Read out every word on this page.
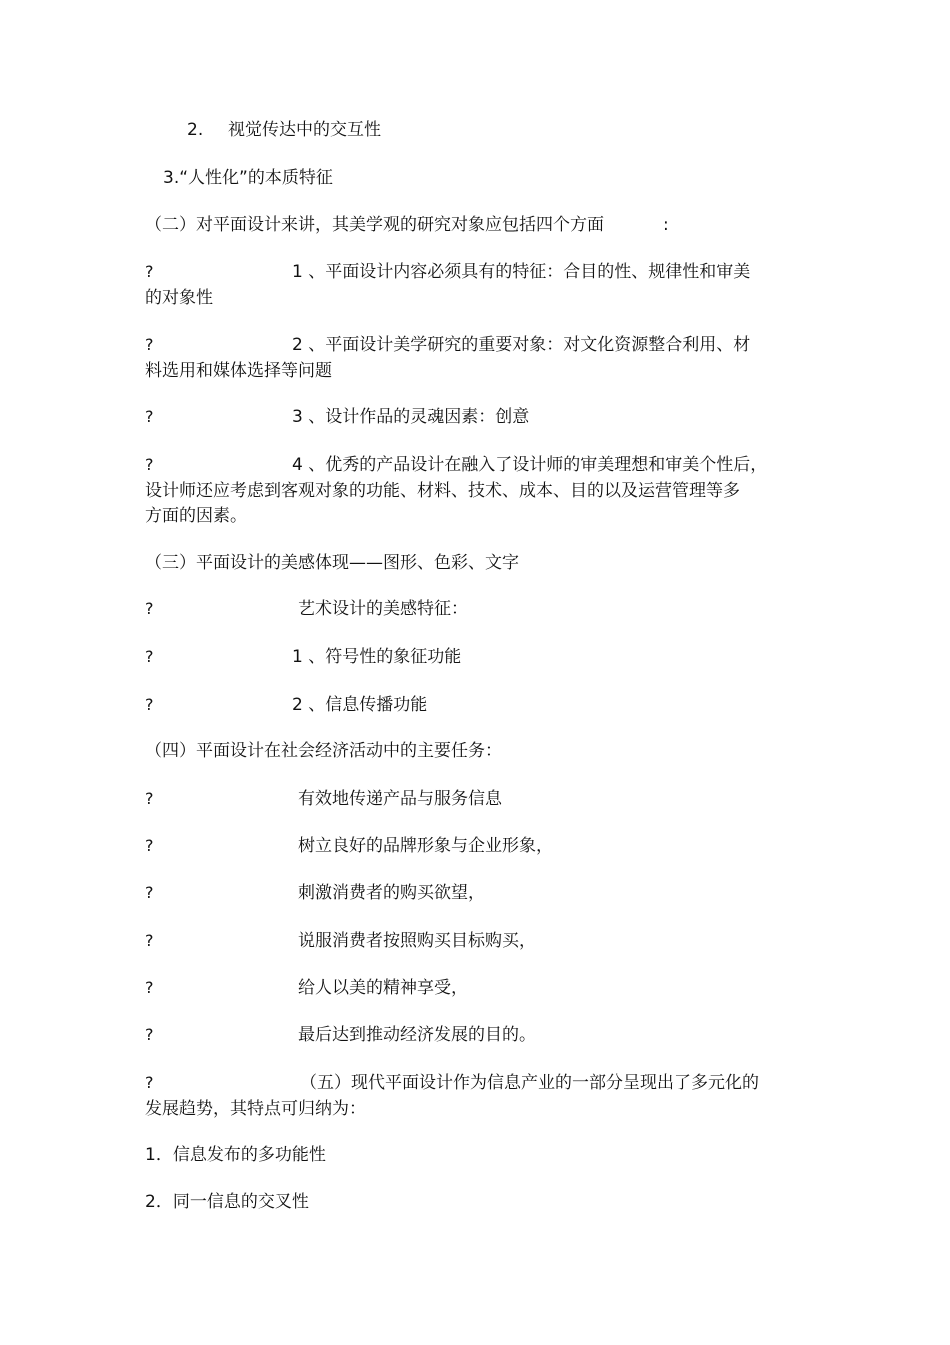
2. 视觉传达中的交互性
3.“人性化”的本质特征
（二）对平面设计来讲，其美学观的研究对象应包括四个方面	:
?	1 、平面设计内容必须具有的特征：合目的性、规律性和审美
的对象性
?	2 、平面设计美学研究的重要对象：对文化资源整合利用、材
料选用和媒体选择等问题
?	3 、设计作品的灵魂因素：创意
?	4 、优秀的产品设计在融入了设计师的审美理想和审美个性后，
设计师还应考虑到客观对象的功能、材料、技术、成本、目的以及运营管理等多
方面的因素。
（三）平面设计的美感体现——图形、色彩、文字
?	艺术设计的美感特征：
?	1 、符号性的象征功能
?	2 、信息传播功能
（四）平面设计在社会经济活动中的主要任务：
?	有效地传递产品与服务信息
?	树立良好的品牌形象与企业形象，
?	刺激消费者的购买欲望，
?	说服消费者按照购买目标购买，
?	给人以美的精神享受，
?	最后达到推动经济发展的目的。
?	（五）现代平面设计作为信息产业的一部分呈现出了多元化的
发展趋势，其特点可归纳为：
1．信息发布的多功能性
2．同一信息的交叉性
